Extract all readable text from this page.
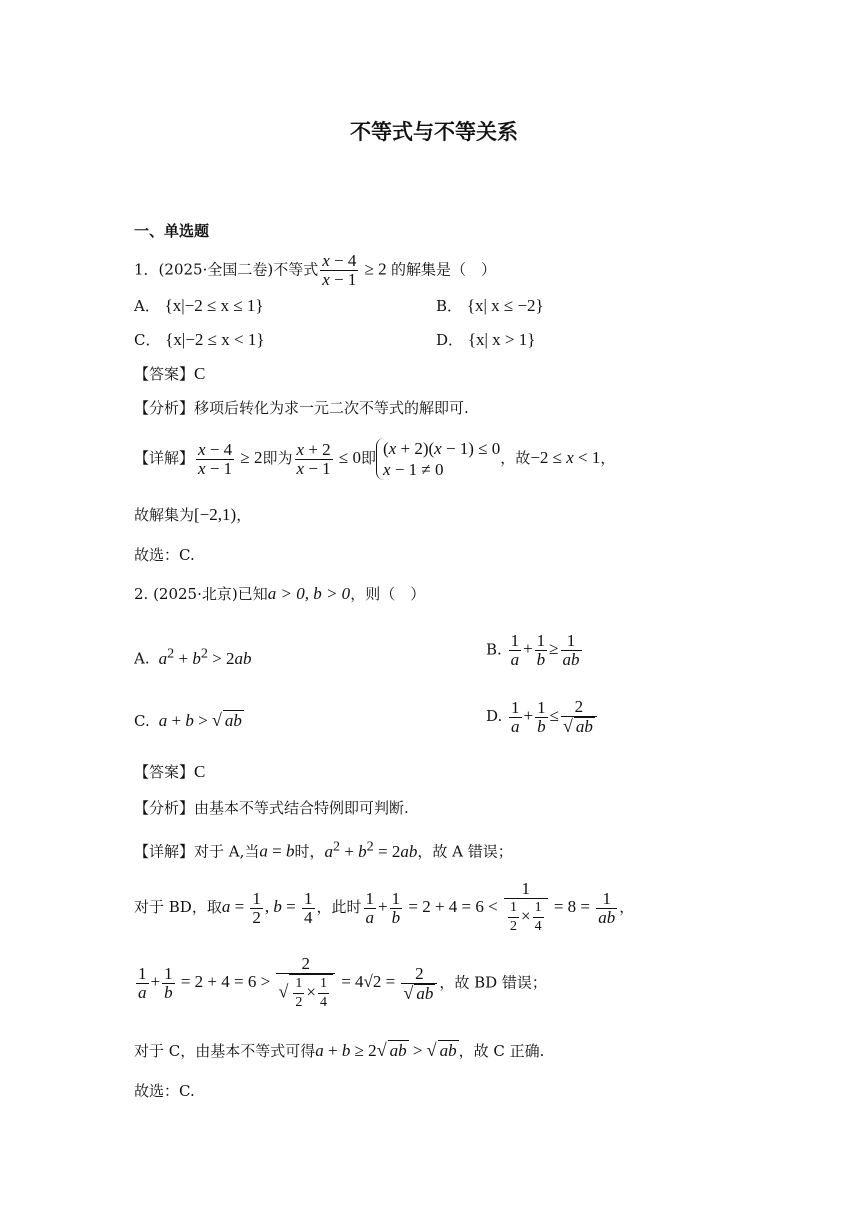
不等式与不等关系
一、单选题
1．(2025·全国二卷)不等式 $\frac{x - 4}{x - 1} \ge 2$ 的解集是（　）
A． {x|−2 ≤ x ≤ 1}	B． {x| x ≤ −2}
C． {x|−2 ≤ x < 1}	D． {x| x > 1}
【答案】C
【分析】移项后转化为求一元二次不等式的解即可.
【详解】 $\frac{x - 4}{x - 1} \ge 2$即为 $\frac{x + 2}{x - 1} \le 0$即 (x + 2)(x − 1) ≤ 0
x − 1 ≠ 0
，故−2 ≤ x < 1，
故解集为[−2,1)，
故选：C.
2. (2025·北京)已知a > 0, b > 0，则（　）
A. $a^2 + b^2 > 2ab$	B. $\frac{1}{a} + \frac{1}{b} \ge \frac{1}{ab}$
C. a + b > √ ab	D. $\frac{1}{a} + \frac{1}{b} \le \frac{2}{√ ab}$
【答案】C
【分析】由基本不等式结合特例即可判断.
【详解】对于 A,当a = b时，$a^2 + b^2 = 2ab$，故 A 错误；
对于 BD，取$a = \frac{1}{2}$ , $b = \frac{1}{4}$ ，此时 $\frac{1}{a} + \frac{1}{b} = 2 + 4 = 6 < \frac{1}{\frac{1}{2} \times \frac{1}{4}} = 8 = \frac{1}{ab}$ ，
$\frac{1}{a} + \frac{1}{b} = 2 + 4 = 6 > \frac{2}{√ \frac{1}{2} \times \frac{1}{4}} = 4√2 = \frac{2}{√ ab}$ ，故 BD 错误；
对于 C，由基本不等式可得a + b ≥ 2√ ab > √ ab ，故 C 正确.
故选：C.
